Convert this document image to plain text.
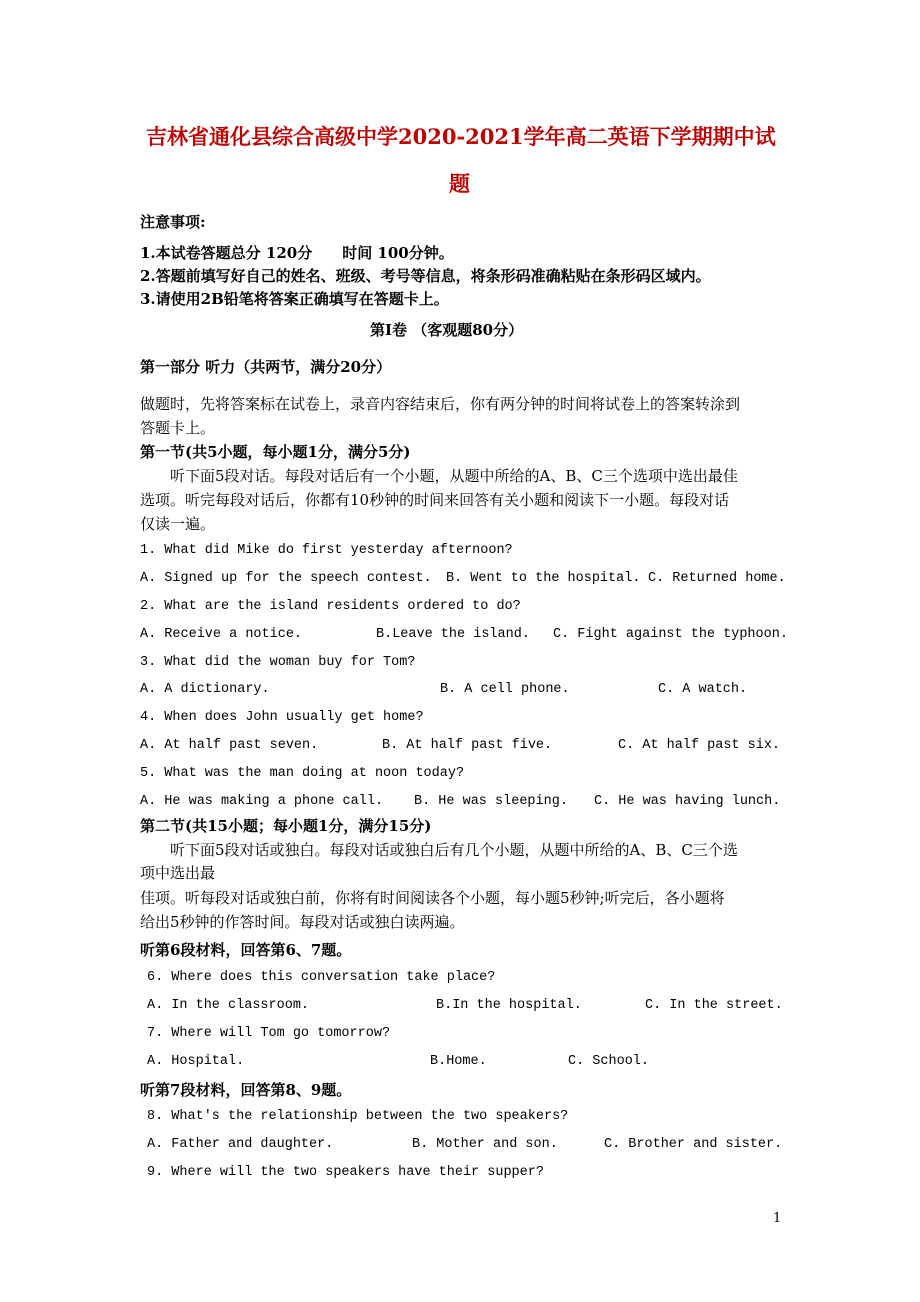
吉林省通化县综合高级中学2020-2021学年高二英语下学期期中试
题
注意事项:
1.本试卷答题总分 120分　　时间 100分钟。
2.答题前填写好自己的姓名、班级、考号等信息，将条形码准确粘贴在条形码区域内。
3.请使用2B铅笔将答案正确填写在答题卡上。
第Ⅰ卷 （客观题80分）
第一部分 听力（共两节，满分20分）
做题时，先将答案标在试卷上，录音内容结束后，你有两分钟的时间将试卷上的答案转涂到
答题卡上。
第一节(共5小题，每小题1分，满分5分)
　　听下面5段对话。每段对话后有一个小题，从题中所给的A、B、C三个选项中选出最佳
选项。听完每段对话后，你都有10秒钟的时间来回答有关小题和阅读下一小题。每段对话
仅读一遍。
1. What did Mike do first yesterday afternoon?
A. Signed up for the speech contest. B. Went to the hospital. C. Returned home.
2. What are the island residents ordered to do?
A. Receive a notice.	B.Leave the island. C. Fight against the typhoon.
3. What did the woman buy for Tom?
A. A dictionary.	B. A cell phone.	C. A watch.
4. When does John usually get home?
A. At half past seven.	B. At half past five.	C. At half past six.
5. What was the man doing at noon today?
A. He was making a phone call. B. He was sleeping. C. He was having lunch.
第二节(共15小题；每小题1分，满分15分)
　　听下面5段对话或独白。每段对话或独白后有几个小题，从题中所给的A、B、C三个选
项中选出最
佳项。听每段对话或独白前，你将有时间阅读各个小题，每小题5秒钟;听完后，各小题将
给出5秒钟的作答时间。每段对话或独白读两遍。
听第6段材料，回答第6、7题。
6. Where does this conversation take place?
A. In the classroom.	B.In the hospital.	C. In the street.
7. Where will Tom go tomorrow?
A. Hospital.	B.Home.	C. School.
听第7段材料，回答第8、9题。
8. What's the relationship between the two speakers?
A. Father and daughter.	B. Mother and son.	C. Brother and sister.
9. Where will the two speakers have their supper?
1
